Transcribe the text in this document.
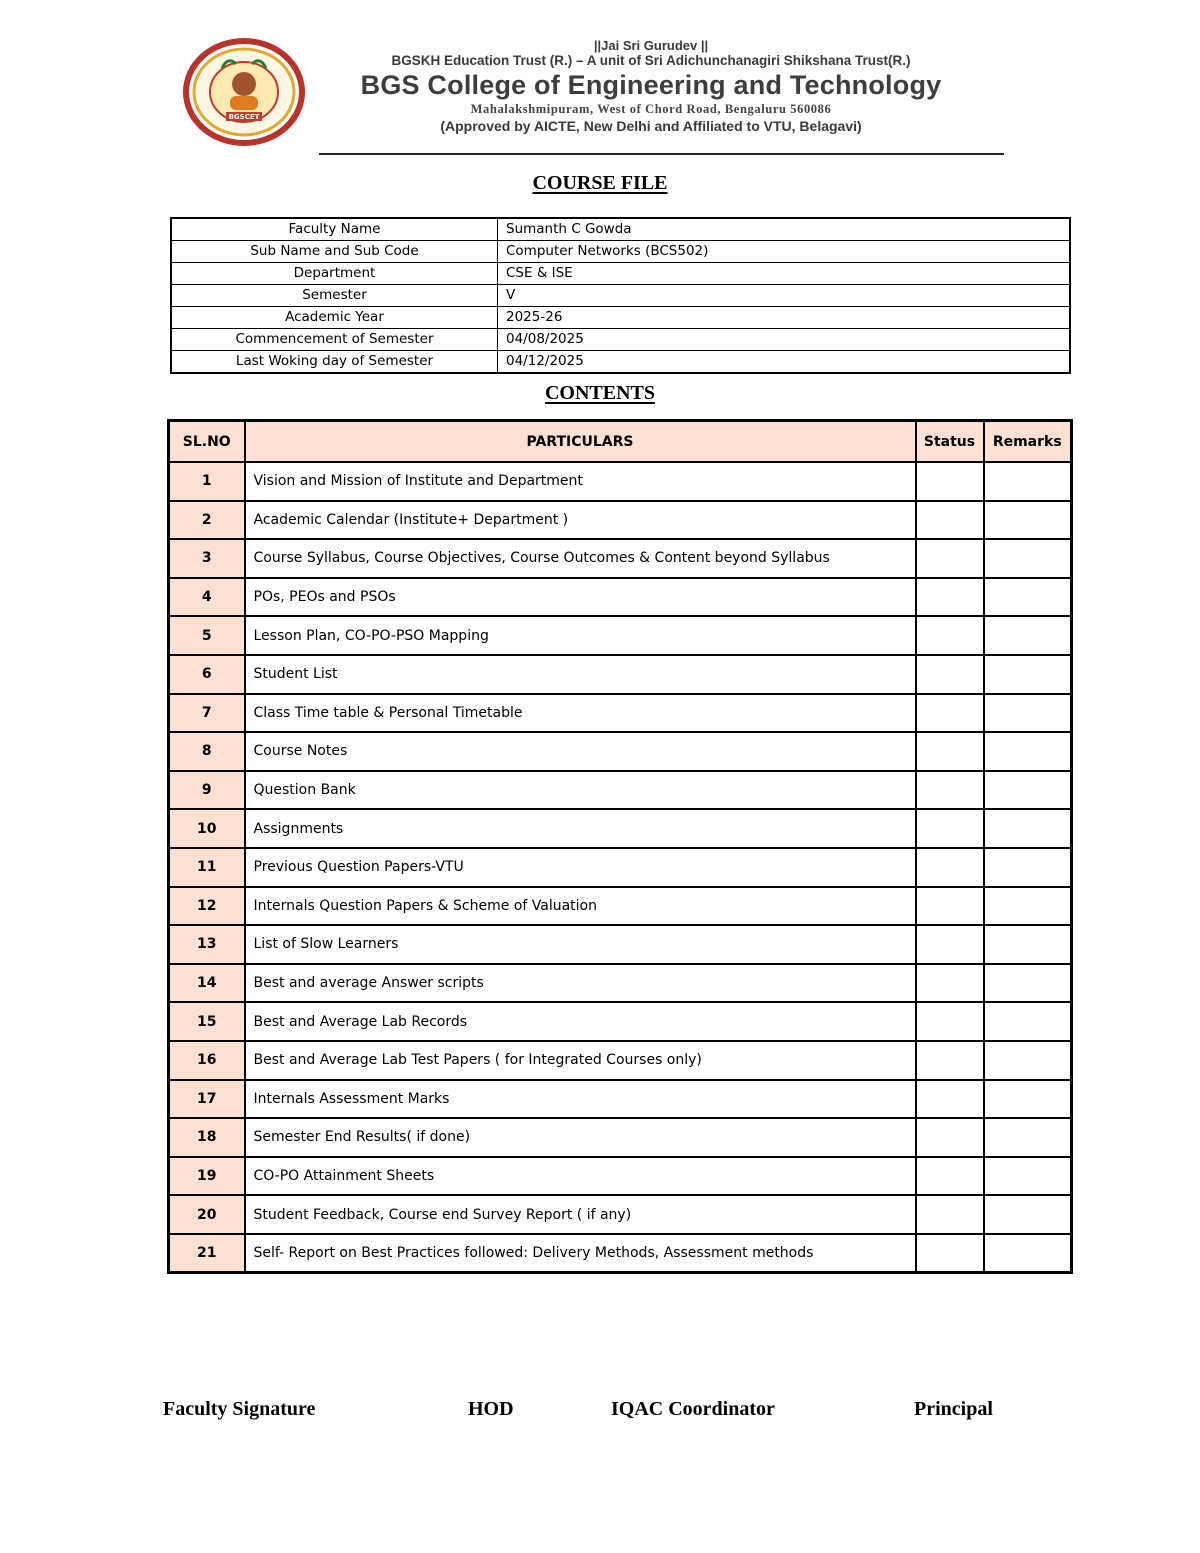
BGSCET
||Jai Sri Gurudev ||
BGSKH Education Trust (R.) – A unit of Sri Adichunchanagiri Shikshana Trust(R.)
BGS College of Engineering and Technology
Mahalakshmipuram, West of Chord Road, Bengaluru 560086
(Approved by AICTE, New Delhi and Affiliated to VTU, Belagavi)
COURSE FILE
Faculty Name	Sumanth C Gowda
Sub Name and Sub Code	Computer Networks (BCS502)
Department	CSE & ISE
Semester	V
Academic Year	2025-26
Commencement of Semester	04/08/2025
Last Woking day of Semester	04/12/2025
CONTENTS
SL.NO	PARTICULARS	Status	Remarks
1	Vision and Mission of Institute and Department		
2	Academic Calendar (Institute+ Department )		
3	Course Syllabus, Course Objectives, Course Outcomes & Content beyond Syllabus		
4	POs, PEOs and PSOs		
5	Lesson Plan, CO-PO-PSO Mapping		
6	Student List		
7	Class Time table & Personal Timetable		
8	Course Notes		
9	Question Bank		
10	Assignments		
11	Previous Question Papers-VTU		
12	Internals Question Papers & Scheme of Valuation		
13	List of Slow Learners		
14	Best and average Answer scripts		
15	Best and Average Lab Records		
16	Best and Average Lab Test Papers ( for Integrated Courses only)		
17	Internals Assessment Marks		
18	Semester End Results( if done)		
19	CO-PO Attainment Sheets		
20	Student Feedback, Course end Survey Report ( if any)		
21	Self- Report on Best Practices followed: Delivery Methods, Assessment methods		
Faculty Signature	HOD	IQAC Coordinator	Principal
